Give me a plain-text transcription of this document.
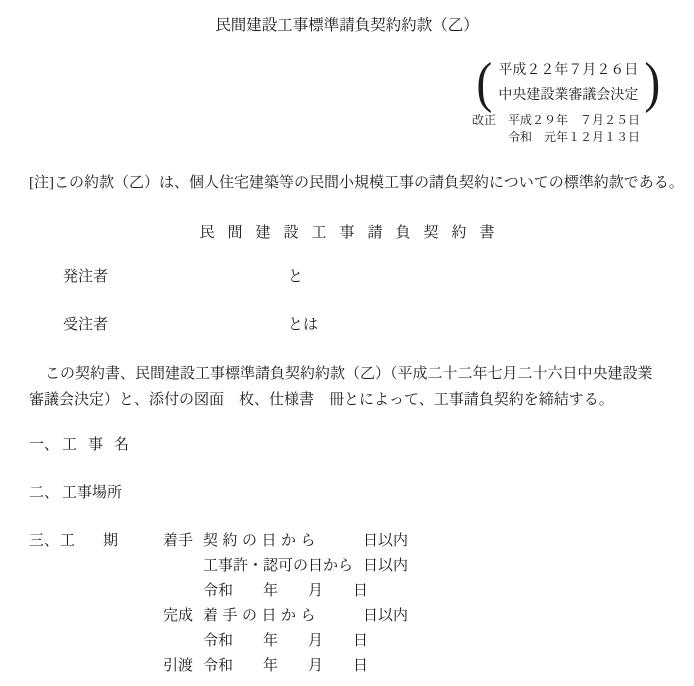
民間建設工事標準請負契約約款（乙）
( 平成２２年７月２６日
中央建設業審議会決定 )
改正　平成２９年　７月２５日
令和　元年１２月１３日
[注]この約款（乙）は、個人住宅建築等の民間小規模工事の請負契約についての標準約款である。
民間建設工事請負契約書
発注者	と
受注者	とは
この契約書、民間建設工事標準請負契約約款（乙）（平成二十二年七月二十六日中央建設業
審議会決定）と、添付の図面　枚、仕様書　冊とによって、工事請負契約を締結する。
一、 工事名
二、 工事場所
三、 工期 着手 契約の日から	日以内
工事許・認可の日から 日以内
令和　　年　　月　　日
完成 着手の日から	日以内
令和　　年　　月　　日
引渡 令和　　年　　月　　日
